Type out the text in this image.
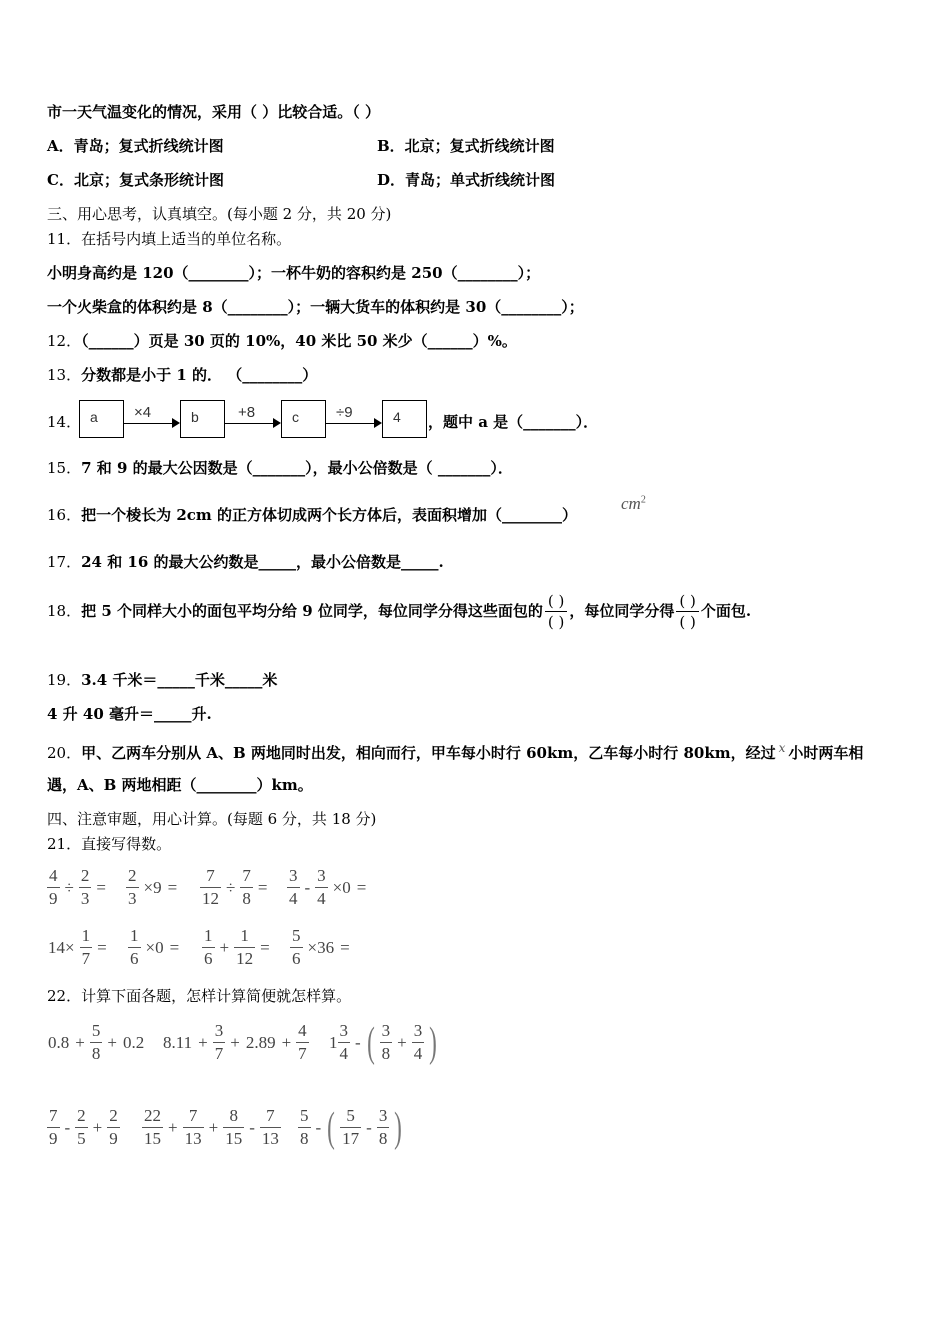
市一天气温变化的情况，采用（ ）比较合适。（ ）
A．青岛；复式折线统计图	B．北京；复式折线统计图
C．北京；复式条形统计图	D．青岛；单式折线统计图
三、用心思考，认真填空。(每小题 2 分，共 20 分)
11．在括号内填上适当的单位名称。
小明身高约是 120（________）；一杯牛奶的容积约是 250（________）；
一个火柴盒的体积约是 8（________）；一辆大货车的体积约是 30（________）；
12．（______）页是 30 页的 10%，40 米比 50 米少（______）%。
13．分数都是小于 1 的． （________）
14． a ×4	b	+8	c ÷9	4 ，题中 a 是（_______）．
15．7 和 9 的最大公因数是（_______），最小公倍数是（ _______）．
16．把一个棱长为 2cm 的正方体切成两个长方体后，表面积增加（________）
$cm^2$
17．24 和 16 的最大公约数是_____，最小公倍数是_____.
18．把 5 个同样大小的面包平均分给 9 位同学，每位同学分得这些面包的
( )
( )
，每位同学分得
( )
( )
个面包.
19．3.4 千米＝_____千米_____米
4 升 40 毫升＝_____升.
20．甲、乙两车分别从 A、B 两地同时出发，相向而行，甲车每小时行 60km，乙车每小时行 80km，经过 $^x$ 小时两车相
遇，A、B 两地相距（________）km。
四、注意审题，用心计算。(每题 6 分，共 18 分)
21．直接写得数。
$\frac{4}{9} \div \frac{2}{3} = \frac{2}{3} \times 9 = \frac{7}{12} \div \frac{7}{8} = \frac{3}{4} - \frac{3}{4} \times 0$ =
$14\times \frac{1}{7} = \frac{1}{6} \times 0 = \frac{1}{6} + \frac{1}{12} = \frac{5}{6} \times 36$ =
22．计算下面各题，怎样计算简便就怎样算。
$0.8 + \frac{5}{8} + 0.2$ $8.11 + \frac{3}{7} + 2.89 + \frac{4}{7} 1 \frac{3}{4}$ - ( $\frac{3}{8} + \frac{3}{4}$ )
$\frac{7}{9} - \frac{2}{5} + \frac{2}{9} \frac{22}{15} + \frac{7}{13} + \frac{8}{15} - \frac{7}{13} \frac{5}{8}$ - ( $\frac{5}{17} - \frac{3}{8}$ )
